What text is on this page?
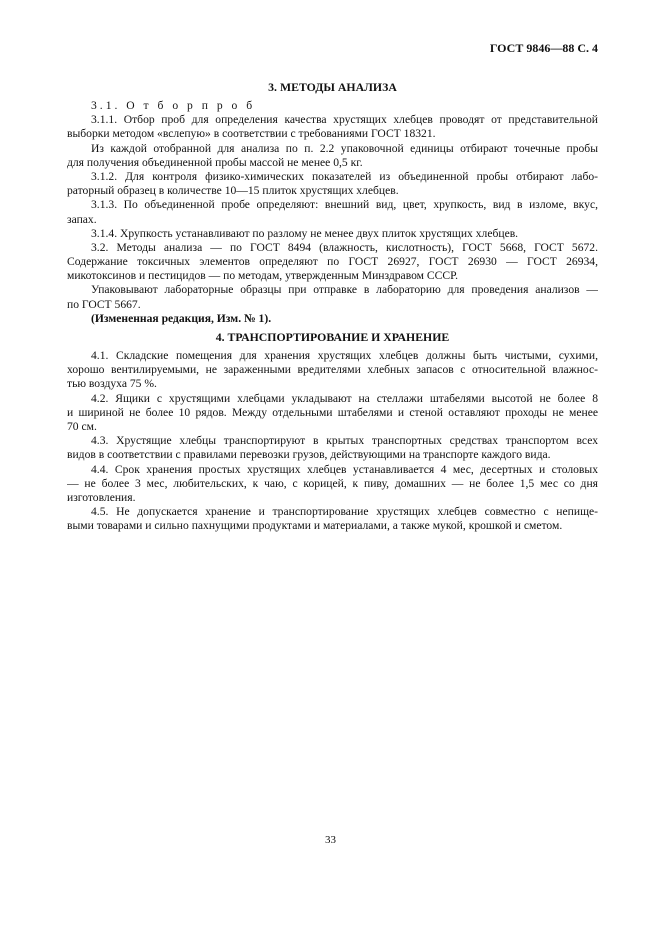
ГОСТ 9846—88 С. 4
3. МЕТОДЫ АНАЛИЗА
3.1. О т б о р п р о б
3.1.1. Отбор проб для определения качества хрустящих хлебцев проводят от представительной
выборки методом «вслепую» в соответствии с требованиями ГОСТ 18321.
Из каждой отобранной для анализа по п. 2.2 упаковочной единицы отбирают точечные пробы
для получения объединенной пробы массой не менее 0,5 кг.
3.1.2. Для контроля физико-химических показателей из объединенной пробы отбирают лабо-
раторный образец в количестве 10—15 плиток хрустящих хлебцев.
3.1.3. По объединенной пробе определяют: внешний вид, цвет, хрупкость, вид в изломе, вкус,
запах.
3.1.4. Хрупкость устанавливают по разлому не менее двух плиток хрустящих хлебцев.
3.2. Методы анализа — по ГОСТ 8494 (влажность, кислотность), ГОСТ 5668, ГОСТ 5672.
Содержание токсичных элементов определяют по ГОСТ 26927, ГОСТ 26930 — ГОСТ 26934,
микотоксинов и пестицидов — по методам, утвержденным Минздравом СССР.
Упаковывают лабораторные образцы при отправке в лабораторию для проведения анализов —
по ГОСТ 5667.
(Измененная редакция, Изм. № 1).
4. ТРАНСПОРТИРОВАНИЕ И ХРАНЕНИЕ
4.1. Складские помещения для хранения хрустящих хлебцев должны быть чистыми, сухими,
хорошо вентилируемыми, не зараженными вредителями хлебных запасов с относительной влажнос-
тью воздуха 75 %.
4.2. Ящики с хрустящими хлебцами укладывают на стеллажи штабелями высотой не более 8
и шириной не более 10 рядов. Между отдельными штабелями и стеной оставляют проходы не менее
70 см.
4.3. Хрустящие хлебцы транспортируют в крытых транспортных средствах транспортом всех
видов в соответствии с правилами перевозки грузов, действующими на транспорте каждого вида.
4.4. Срок хранения простых хрустящих хлебцев устанавливается 4 мес, десертных и столовых
— не более 3 мес, любительских, к чаю, с корицей, к пиву, домашних — не более 1,5 мес со дня
изготовления.
4.5. Не допускается хранение и транспортирование хрустящих хлебцев совместно с непище-
выми товарами и сильно пахнущими продуктами и материалами, а также мукой, крошкой и сметом.
33
